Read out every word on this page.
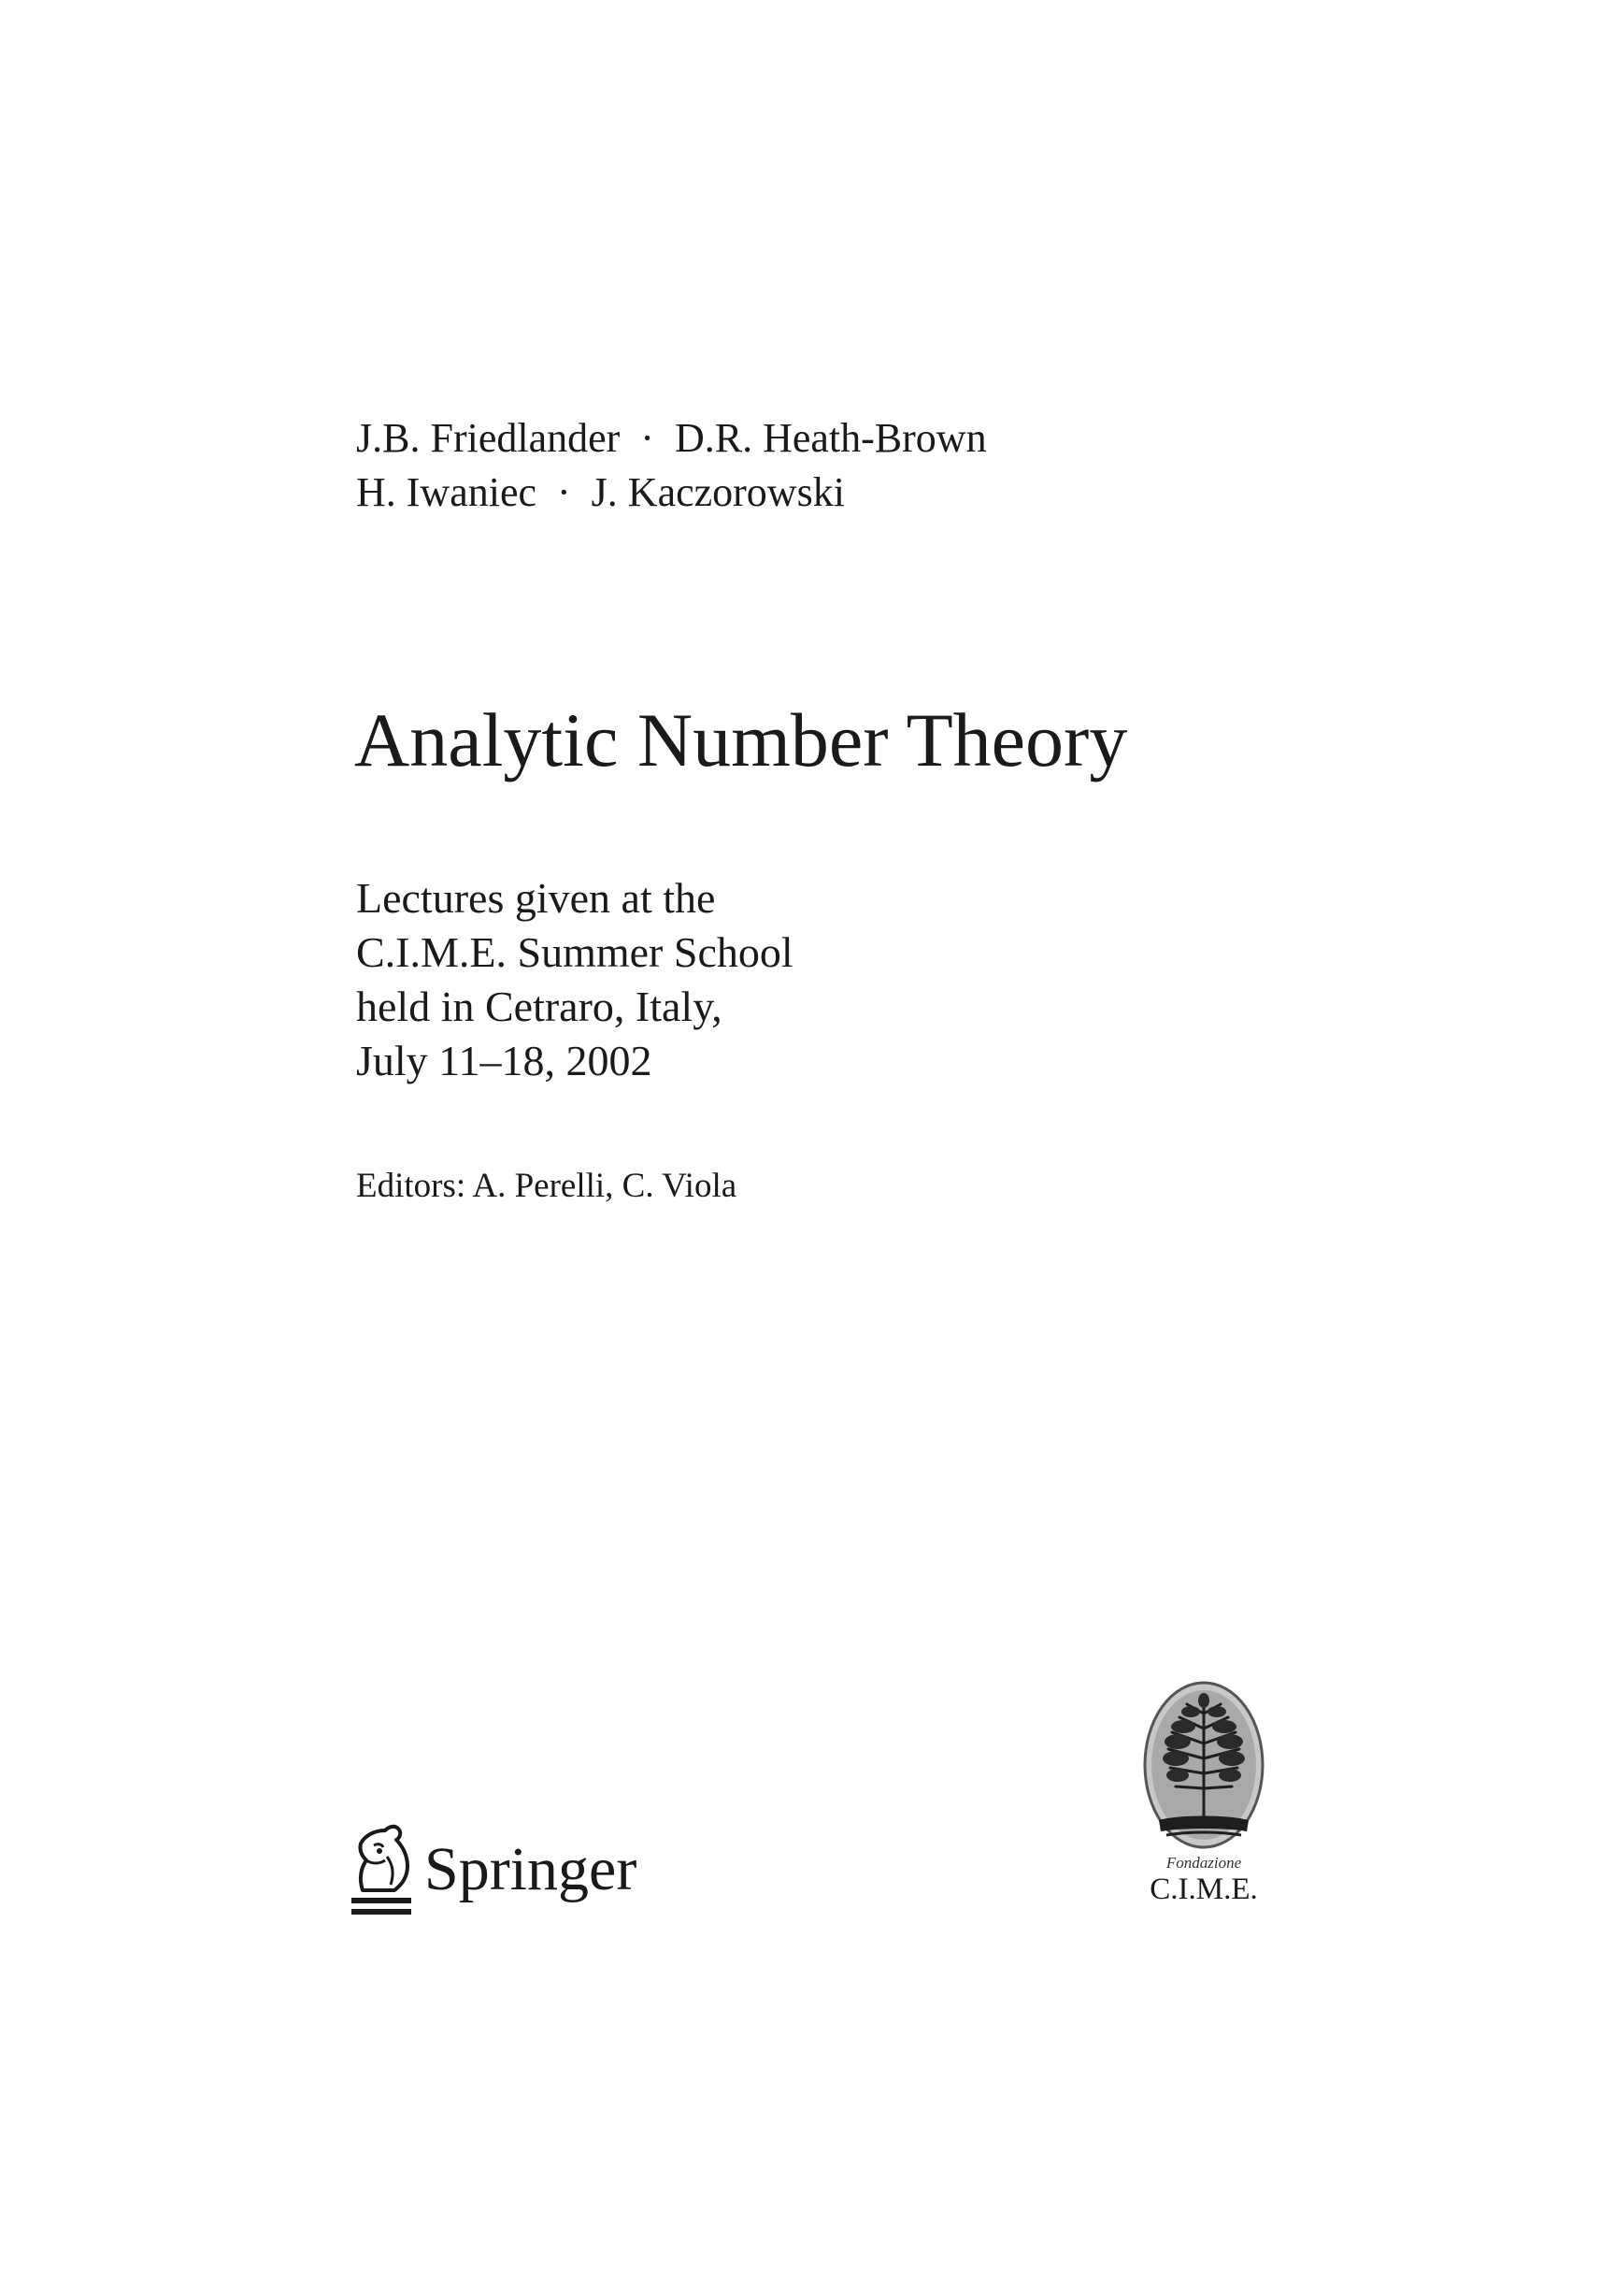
J.B. Friedlander · D.R. Heath-Brown
H. Iwaniec · J. Kaczorowski
Analytic Number Theory
Lectures given at the
C.I.M.E. Summer School
held in Cetraro, Italy,
July 11–18, 2002
Editors: A. Perelli, C. Viola
Springer	Fondazione
C.I.M.E.
